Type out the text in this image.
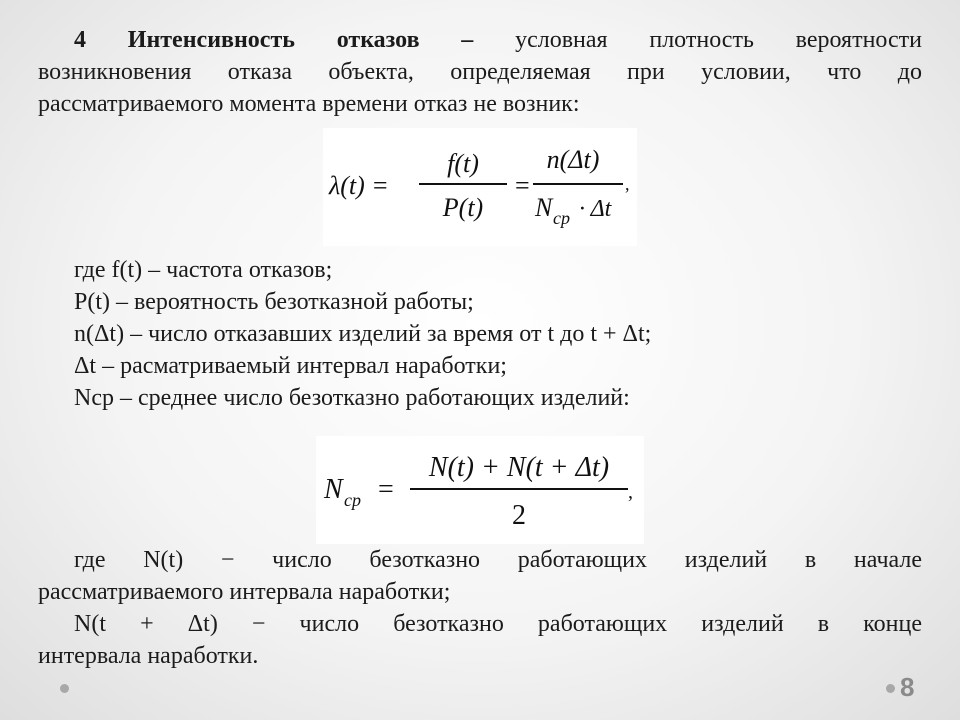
4 Интенсивность отказов – условная плотность вероятности
возникновения отказа объекта, определяемая при условии, что до
рассматриваемого момента времени отказ не возник:
λ(t) =
f(t)
P(t)
=
n(Δt)
N ср · Δt
,
где f(t) – частота отказов;
P(t) – вероятность безотказной работы;
n(Δt) – число отказавших изделий за время от t до t + Δt;
Δt – расматриваемый интервал наработки;
Nср – среднее число безотказно работающих изделий:
N ср =
N(t) + N(t + Δt)
2
,
где N(t) − число безотказно работающих изделий в начале
рассматриваемого интервала наработки;
N(t + Δt) − число безотказно работающих изделий в конце
интервала наработки.
8
